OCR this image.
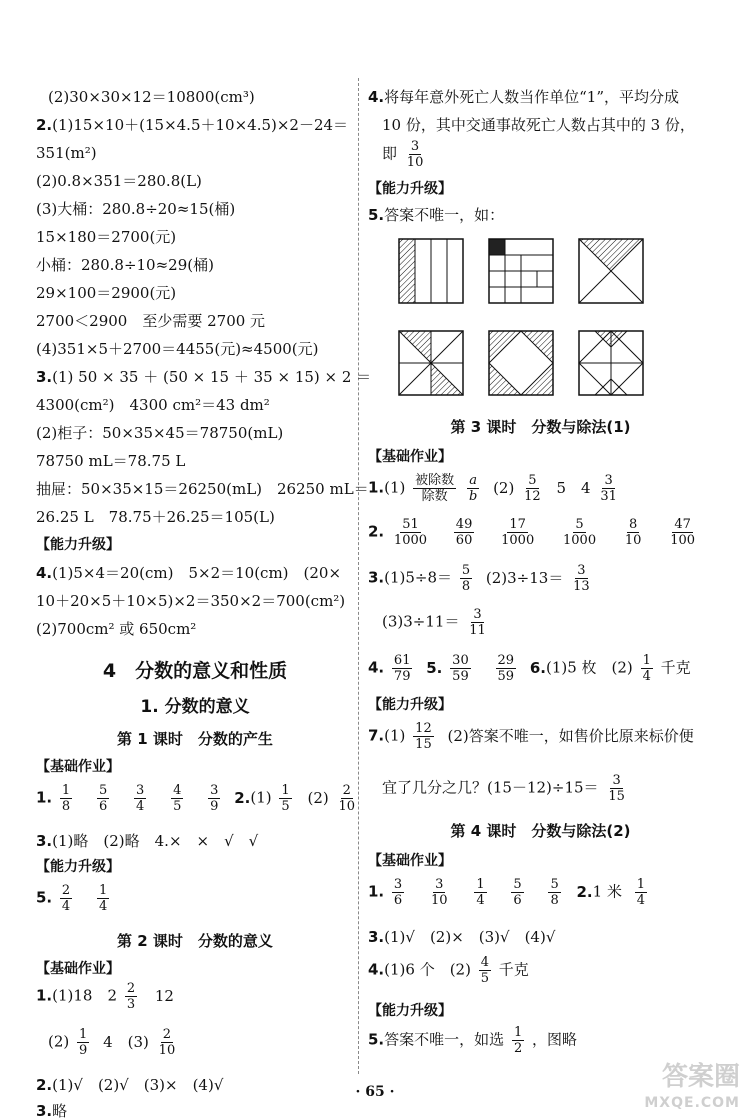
(2)30×30×12＝10800(cm³)
2.(1)15×10＋(15×4.5＋10×4.5)×2－24＝
351(m²)
(2)0.8×351＝280.8(L)
(3)大桶：280.8÷20≈15(桶)
15×180＝2700(元)
小桶：280.8÷10≈29(桶)
29×100＝2900(元)
2700＜2900　至少需要 2700 元
(4)351×5＋2700＝4455(元)≈4500(元)
3.(1) 50 × 35 ＋ (50 × 15 ＋ 35 × 15) × 2 ＝
4300(cm²)　4300 cm²＝43 dm²
(2)柜子：50×35×45＝78750(mL)
78750 mL＝78.75 L
抽屉：50×35×15＝26250(mL)　26250 mL＝
26.25 L　78.75＋26.25＝105(L)
【能力升级】
4.(1)5×4＝20(cm)　5×2＝10(cm)　(20×
10＋20×5＋10×5)×2＝350×2＝700(cm²)
(2)700cm² 或 650cm²
4　分数的意义和性质
1. 分数的意义
第 1 课时　分数的产生
【基础作业】
1. $\frac{1}{8}$
$\frac{5}{6}$
$\frac{3}{4}$
$\frac{4}{5}$
$\frac{3}{9} 2.(1) \frac{1}{5} (2) \frac{2}{10}$
3.(1)略　(2)略　4.×　×　√　√
【能力升级】
5. $\frac{2}{4}$
$\frac{1}{4}$
第 2 课时　分数的意义
【基础作业】
1.(1)18　$2 \frac{2}{3} 12$
$(2) \frac{1}{9} 4$　$(3) \frac{2}{10}$
2.(1)√　(2)√　(3)×　(4)√
3.略
4.将每年意外死亡人数当作单位“1”，平均分成
10 份，其中交通事故死亡人数占其中的 3 份，
即 $\frac{3}{10}$
【能力升级】
5.答案不唯一，如：
第 3 课时　分数与除法(1)
【基础作业】
$1.(1) \frac{\text{被除数}}{\text{除数}}$
$\frac{a}{b} (2) \frac{5}{12} 5$　$4 \frac{3}{31}$
2. $\frac{51}{1000}$
$\frac{49}{60}$
$\frac{17}{1000}$
$\frac{5}{1000}$
$\frac{8}{10}$
$\frac{47}{100}$
$3.(1)5\div 8= \frac{5}{8} (2)3\div 13= \frac{3}{13}$
$(3)3\div 11= \frac{3}{11}$
4. $\frac{61}{79} 5$. $\frac{30}{59}$
$\frac{29}{59} 6.(1)5$ 枚　$(2) \frac{1}{4}$ 千克
【能力升级】
$7.(1) \frac{12}{15} (2)$答案不唯一，如售价比原来标价便
宜了几分之几？$(15-12)\div 15= \frac{3}{15}$
第 4 课时　分数与除法(2)
【基础作业】
1. $\frac{3}{6}$
$\frac{3}{10}$
$\frac{1}{4}$
$\frac{5}{6}$
$\frac{5}{8} 2.1$ 米 $\frac{1}{4}$
3.(1)√　(2)×　(3)√　(4)√
4.(1)6 个　$(2) \frac{4}{5}$ 千克
【能力升级】
5.答案不唯一，如选 $\frac{1}{2}$ ，图略
· 65 ·	答案圈
MXQE.COM
